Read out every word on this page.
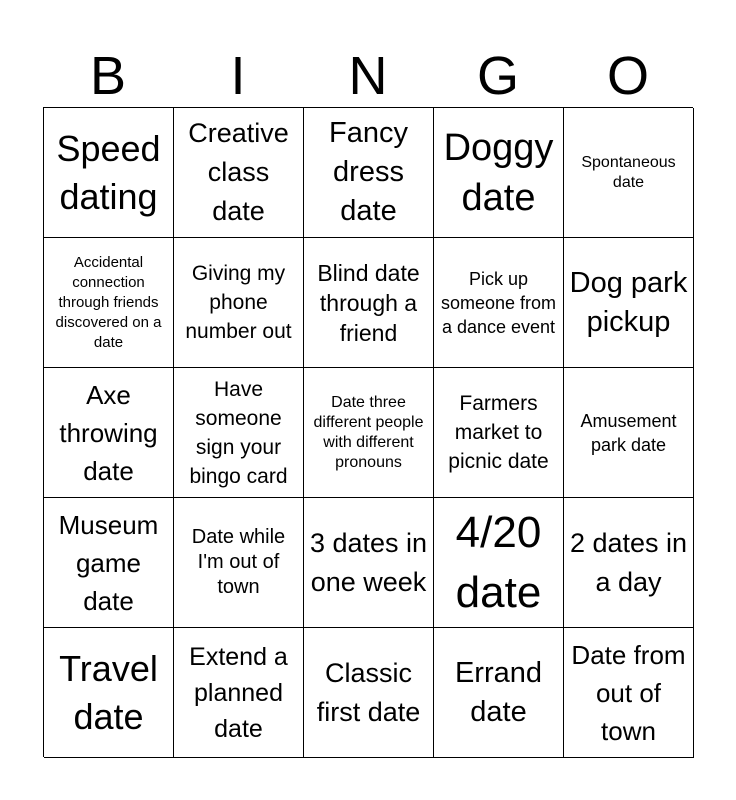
B	I	N	G	O
Speed dating
Creative class date
Fancy dress date
Doggy date
Spontaneous date
Accidental connection through friends discovered on a date
Giving my phone number out
Blind date through a friend
Pick up someone from a dance event
Dog park pickup
Axe throwing date
Have someone sign your bingo card
Date three different people with different pronouns
Farmers market to picnic date
Amusement park date
Museum game date
Date while I'm out of town
3 dates in one week
4/20 date
2 dates in a day
Travel date
Extend a planned date
Classic first date
Errand date
Date from out of town
